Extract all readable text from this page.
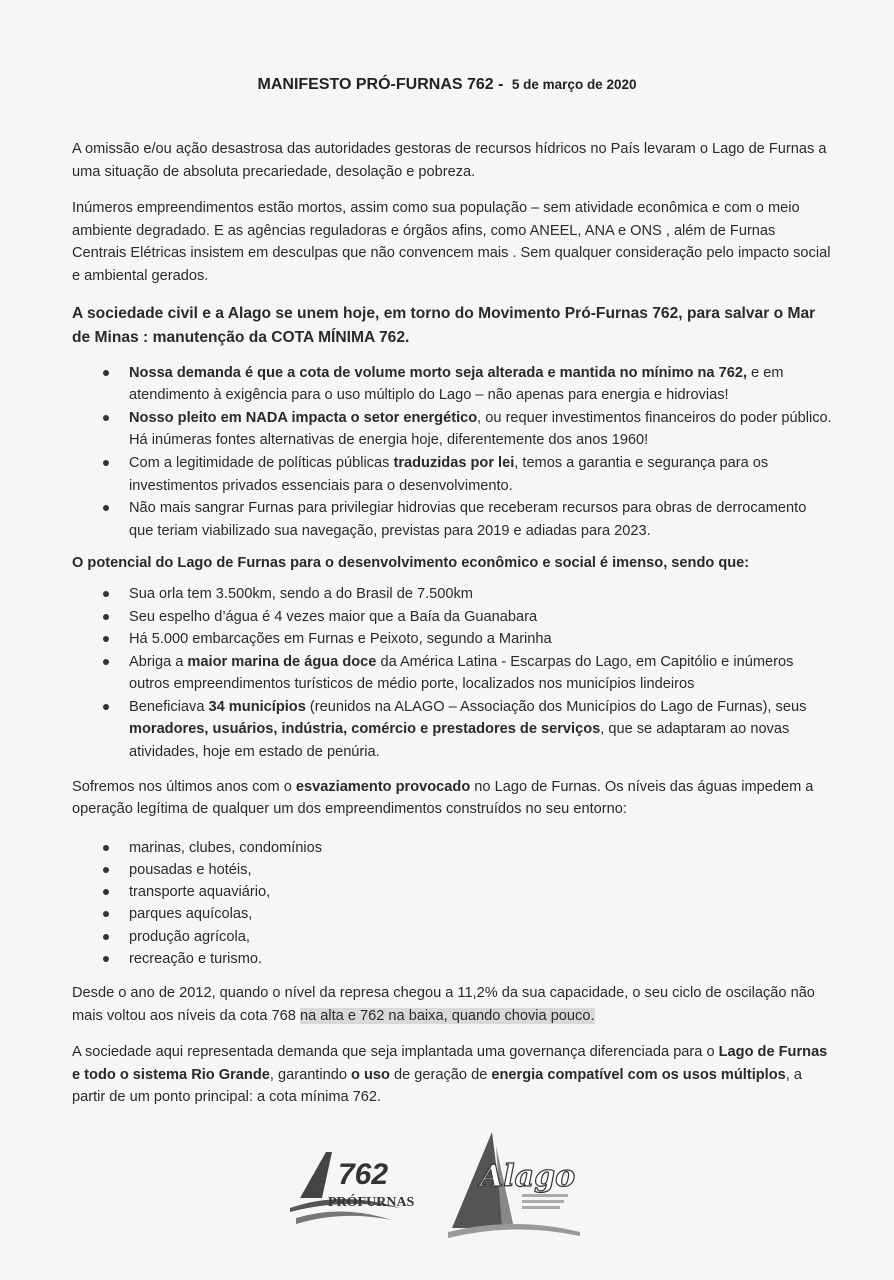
MANIFESTO PRÓ-FURNAS 762 - 5 de março de 2020

A omissão e/ou ação desastrosa das autoridades gestoras de recursos hídricos no País levaram o Lago de Furnas a uma situação de absoluta precariedade, desolação e pobreza.

Inúmeros empreendimentos estão mortos, assim como sua população – sem atividade econômica e com o meio ambiente degradado. E as agências reguladoras e órgãos afins, como ANEEL, ANA e ONS , além de Furnas Centrais Elétricas insistem em desculpas que não convencem mais . Sem qualquer consideração pelo impacto social e ambiental gerados.

A sociedade civil e a Alago se unem hoje, em torno do Movimento Pró-Furnas 762, para salvar o Mar de Minas : manutenção da COTA MÍNIMA 762.

Nossa demanda é que a cota de volume morto seja alterada e mantida no mínimo na 762, e em atendimento à exigência para o uso múltiplo do Lago – não apenas para energia e hidrovias!
Nosso pleito em NADA impacta o setor energético, ou requer investimentos financeiros do poder público. Há inúmeras fontes alternativas de energia hoje, diferentemente dos anos 1960!
Com a legitimidade de políticas públicas traduzidas por lei, temos a garantia e segurança para os investimentos privados essenciais para o desenvolvimento.
Não mais sangrar Furnas para privilegiar hidrovias que receberam recursos para obras de derrocamento que teriam viabilizado sua navegação, previstas para 2019 e adiadas para 2023.

O potencial do Lago de Furnas para o desenvolvimento econômico e social é imenso, sendo que:

Sua orla tem 3.500km, sendo a do Brasil de 7.500km
Seu espelho d’água é 4 vezes maior que a Baía da Guanabara
Há 5.000 embarcações em Furnas e Peixoto, segundo a Marinha
Abriga a maior marina de água doce da América Latina - Escarpas do Lago, em Capitólio e inúmeros outros empreendimentos turísticos de médio porte, localizados nos municípios lindeiros
Beneficiava 34 municípios (reunidos na ALAGO – Associação dos Municípios do Lago de Furnas), seus moradores, usuários, indústria, comércio e prestadores de serviços, que se adaptaram ao novas atividades, hoje em estado de penúria.

Sofremos nos últimos anos com o esvaziamento provocado no Lago de Furnas. Os níveis das águas impedem a operação legítima de qualquer um dos empreendimentos construídos no seu entorno:

marinas, clubes, condomínios
pousadas e hotéis,
transporte aquaviário,
parques aquícolas,
produção agrícola,
recreação e turismo.

Desde o ano de 2012, quando o nível da represa chegou a 11,2% da sua capacidade, o seu ciclo de oscilação não mais voltou aos níveis da cota 768 na alta e 762 na baixa, quando chovia pouco.

A sociedade aqui representada demanda que seja implantada uma governança diferenciada para o Lago de Furnas e todo o sistema Rio Grande, garantindo o uso de geração de energia compatível com os usos múltiplos, a partir de um ponto principal: a cota mínima 762.

762
PRÓFURNAS
Alago
